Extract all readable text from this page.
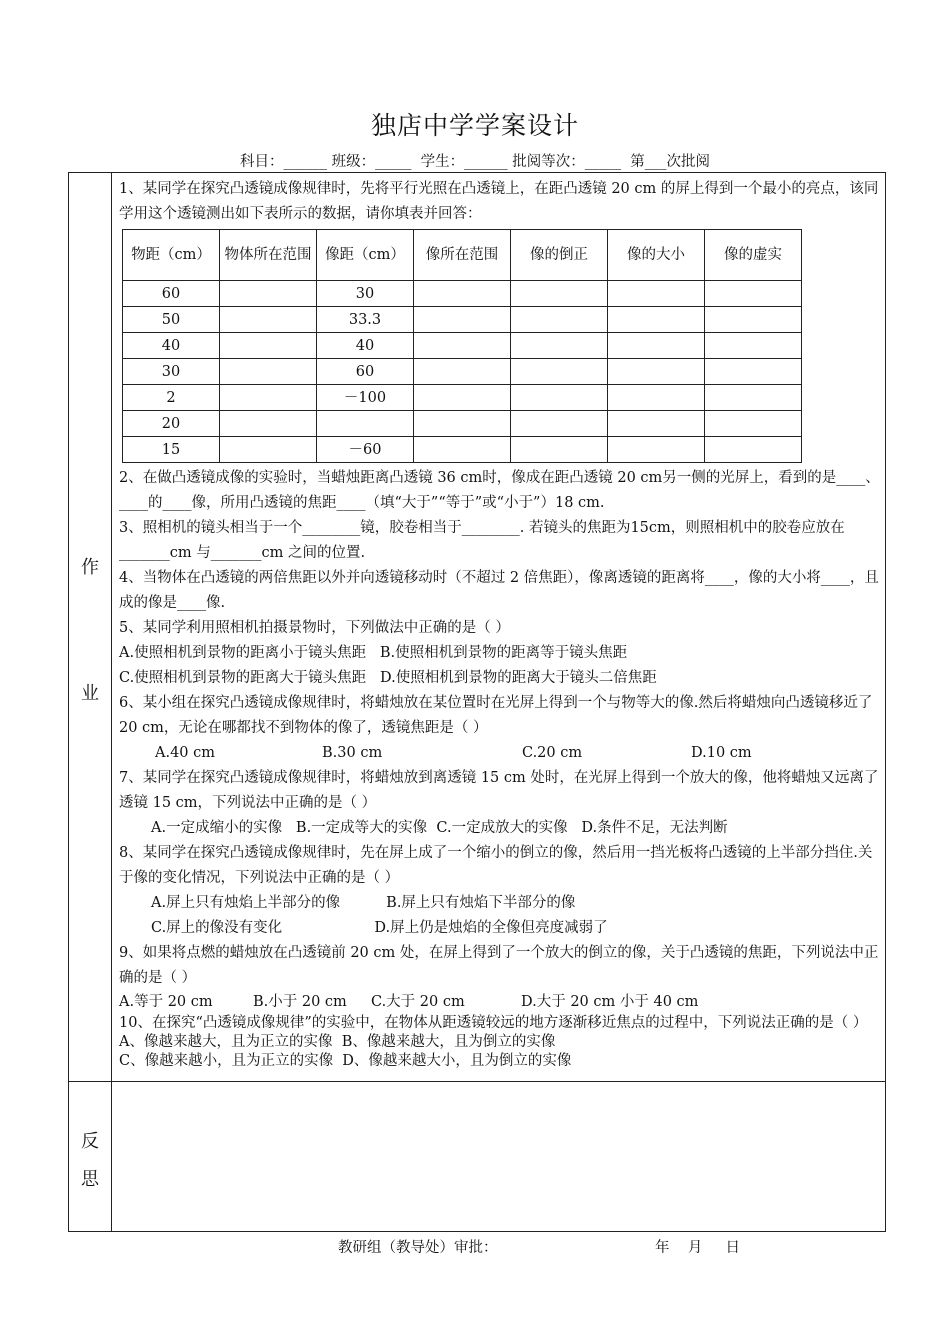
独店中学学案设计
科目：______ 班级：_____  学生：______ 批阅等次：_____  第___次批阅
作
业
反
思

1、某同学在探究凸透镜成像规律时，先将平行光照在凸透镜上，在距凸透镜 20 cm 的屏上得到一个最小的亮点，该同学用这个透镜测出如下表所示的数据，请你填表并回答：

物距（cm）	物体所在范围	像距（cm）	像所在范围	像的倒正	像的大小	像的虚实
60		30				
50		33.3				
40		40				
30		60				
2		－100				
20						
15		－60				

2、在做凸透镜成像的实验时，当蜡烛距离凸透镜 36 cm时，像成在距凸透镜 20 cm另一侧的光屏上，看到的是____、____的____像，所用凸透镜的焦距____（填“大于”“等于”或“小于”）18 cm.

3、照相机的镜头相当于一个________镜，胶卷相当于________. 若镜头的焦距为15cm，则照相机中的胶卷应放在_______cm 与_______cm 之间的位置.

4、当物体在凸透镜的两倍焦距以外并向透镜移动时（不超过 2 倍焦距），像离透镜的距离将____，像的大小将____，且成的像是____像.

5、某同学利用照相机拍摄景物时，下列做法中正确的是（ ）

A.使照相机到景物的距离小于镜头焦距   B.使照相机到景物的距离等于镜头焦距

C.使照相机到景物的距离大于镜头焦距   D.使照相机到景物的距离大于镜头二倍焦距

6、某小组在探究凸透镜成像规律时，将蜡烛放在某位置时在光屏上得到一个与物等大的像.然后将蜡烛向凸透镜移近了 20 cm，无论在哪都找不到物体的像了，透镜焦距是（ ）

A.40 cm	B.30 cm	C.20 cm	D.10 cm

7、某同学在探究凸透镜成像规律时，将蜡烛放到离透镜 15 cm 处时，在光屏上得到一个放大的像，他将蜡烛又远离了透镜 15 cm，下列说法中正确的是（ ）

A.一定成缩小的实像   B.一定成等大的实像  C.一定成放大的实像   D.条件不足，无法判断

8、某同学在探究凸透镜成像规律时，先在屏上成了一个缩小的倒立的像，然后用一挡光板将凸透镜的上半部分挡住.关于像的变化情况，下列说法中正确的是（ ）

A.屏上只有烛焰上半部分的像          B.屏上只有烛焰下半部分的像

C.屏上的像没有变化                    D.屏上仍是烛焰的全像但亮度减弱了

9、如果将点燃的蜡烛放在凸透镜前 20 cm 处，在屏上得到了一个放大的倒立的像，关于凸透镜的焦距，下列说法中正确的是（ ）

A.等于 20 cm	B.小于 20 cm C.大于 20 cm	D.大于 20 cm 小于 40 cm

10、在探究“凸透镜成像规律”的实验中，在物体从距透镜较远的地方逐渐移近焦点的过程中，下列说法正确的是（ ）

A、像越来越大，且为正立的实像  B、像越来越大，且为倒立的实像

C、像越来越小，且为正立的实像  D、像越来越大小，且为倒立的实像

教研组（教导处）审批：	年    月     日
